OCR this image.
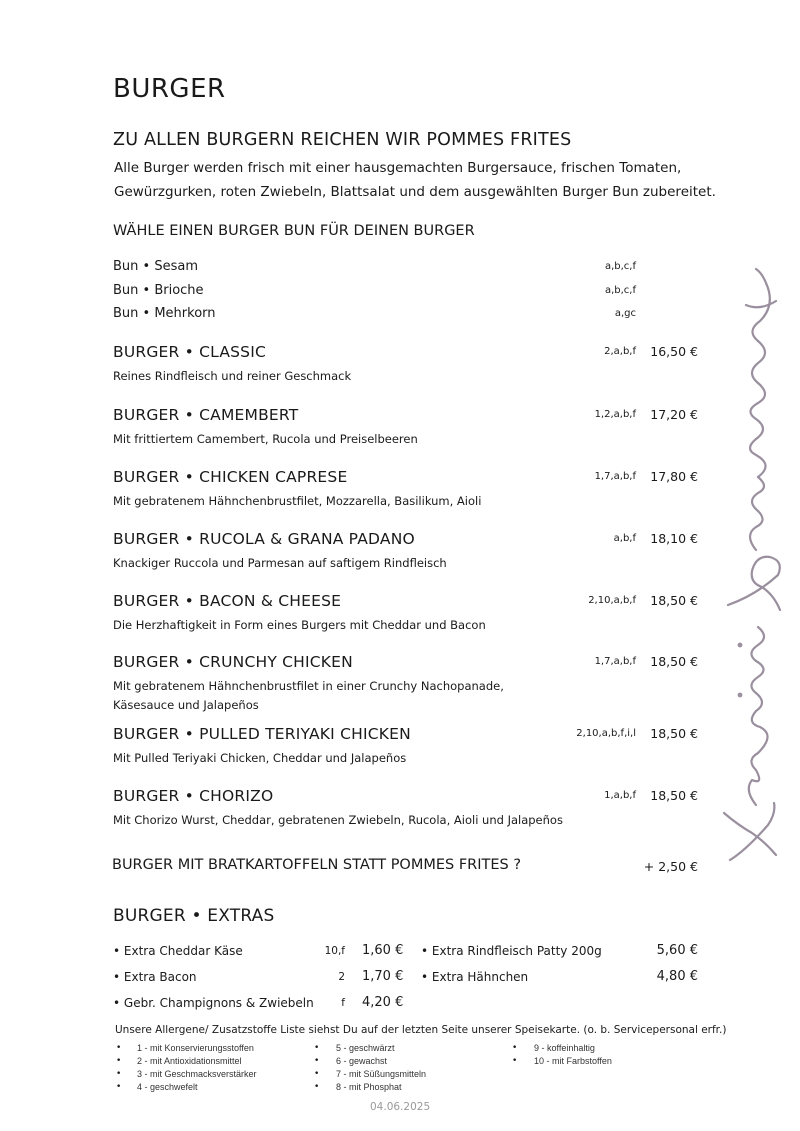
BURGER
ZU ALLEN BURGERN REICHEN WIR POMMES FRITES
Alle Burger werden frisch mit einer hausgemachten Burgersauce, frischen Tomaten, Gewürzgurken, roten Zwiebeln, Blattsalat und dem ausgewählten Burger Bun zubereitet.
WÄHLE EINEN BURGER BUN FÜR DEINEN BURGER
Bun • Sesam	a,b,c,f
Bun • Brioche	a,b,c,f
Bun • Mehrkorn	a,gc
BURGER • CLASSIC	2,a,b,f	16,50 €
Reines Rindfleisch und reiner Geschmack
BURGER • CAMEMBERT	1,2,a,b,f	17,20 €
Mit frittiertem Camembert, Rucola und Preiselbeeren
BURGER • CHICKEN CAPRESE	1,7,a,b,f	17,80 €
Mit gebratenem Hähnchenbrustfilet, Mozzarella, Basilikum, Aioli
BURGER • RUCOLA & GRANA PADANO	a,b,f	18,10 €
Knackiger Ruccola und Parmesan auf saftigem Rindfleisch
BURGER • BACON & CHEESE	2,10,a,b,f	18,50 €
Die Herzhaftigkeit in Form eines Burgers mit Cheddar und Bacon
BURGER • CRUNCHY CHICKEN	1,7,a,b,f	18,50 €
Mit gebratenem Hähnchenbrustfilet in einer Crunchy Nachopanade, Käsesauce und Jalapeños
BURGER • PULLED TERIYAKI CHICKEN	2,10,a,b,f,i,l	18,50 €
Mit Pulled Teriyaki Chicken, Cheddar und Jalapeños
BURGER • CHORIZO	1,a,b,f	18,50 €
Mit Chorizo Wurst, Cheddar, gebratenen Zwiebeln, Rucola, Aioli und Jalapeños
BURGER MIT BRATKARTOFFELN STATT POMMES FRITES ?	+ 2,50 €
BURGER • EXTRAS
• Extra Cheddar Käse	10,f 1,60 €
• Extra Bacon	2 1,70 €
• Gebr. Champignons & Zwiebeln	f 4,20 €
• Extra Rindfleisch Patty 200g	5,60 €
• Extra Hähnchen	4,80 €
Unsere Allergene/ Zusatzstoffe Liste siehst Du auf der letzten Seite unserer Speisekarte. (o. b. Servicepersonal erfr.)
• 1 - mit Konservierungsstoffen
• 2 - mit Antioxidationsmittel
• 3 - mit Geschmacksverstärker
• 4 - geschwefelt
• 5 - geschwärzt
• 6 - gewachst
• 7 - mit Süßungsmitteln
• 8 - mit Phosphat
• 9 - koffeinhaltig
• 10 - mit Farbstoffen
04.06.2025
